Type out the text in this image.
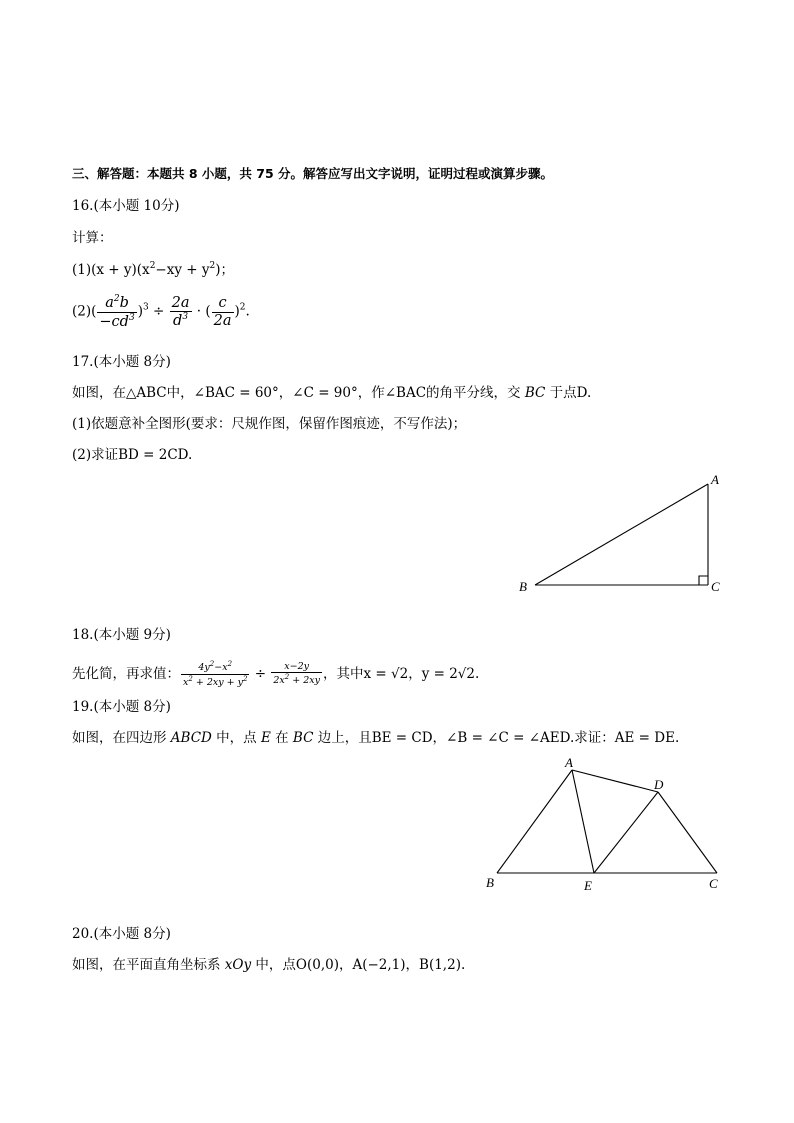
三、解答题：本题共 8 小题，共 75 分。解答应写出文字说明，证明过程或演算步骤。
16.(本小题 10分)
计算：
$(1)(x + y)(x^2-xy + y^2)$；
$(2)( \frac{a^2b}{-cd^3} )^3 \div \frac{2a}{d^3}$ · ( $\frac{c}{2a} )^2$.
17.(本小题 8分)
如图，在△ABC中，∠BAC = 60°，∠C = 90°，作∠BAC的角平分线，交 BC 于点D.
(1)依题意补全图形(要求：尺规作图，保留作图痕迹，不写作法)；
(2)求证BD = 2CD.
A
B	C
18.(本小题 9分)
先化简，再求值： $\frac{4y^2-x^2}{x^2 + 2xy + y^2} \div \frac{x-2y}{2x^2 + 2xy}$ ，其中x = √2，y = 2√2.
19.(本小题 8分)
如图，在四边形 ABCD 中，点 E 在 BC 边上，且BE = CD，∠B = ∠C = ∠AED.求证：AE = DE.
A
B	C
D
E
20.(本小题 8分)
如图，在平面直角坐标系 xOy 中，点O(0,0)，A(−2,1)，B(1,2).
